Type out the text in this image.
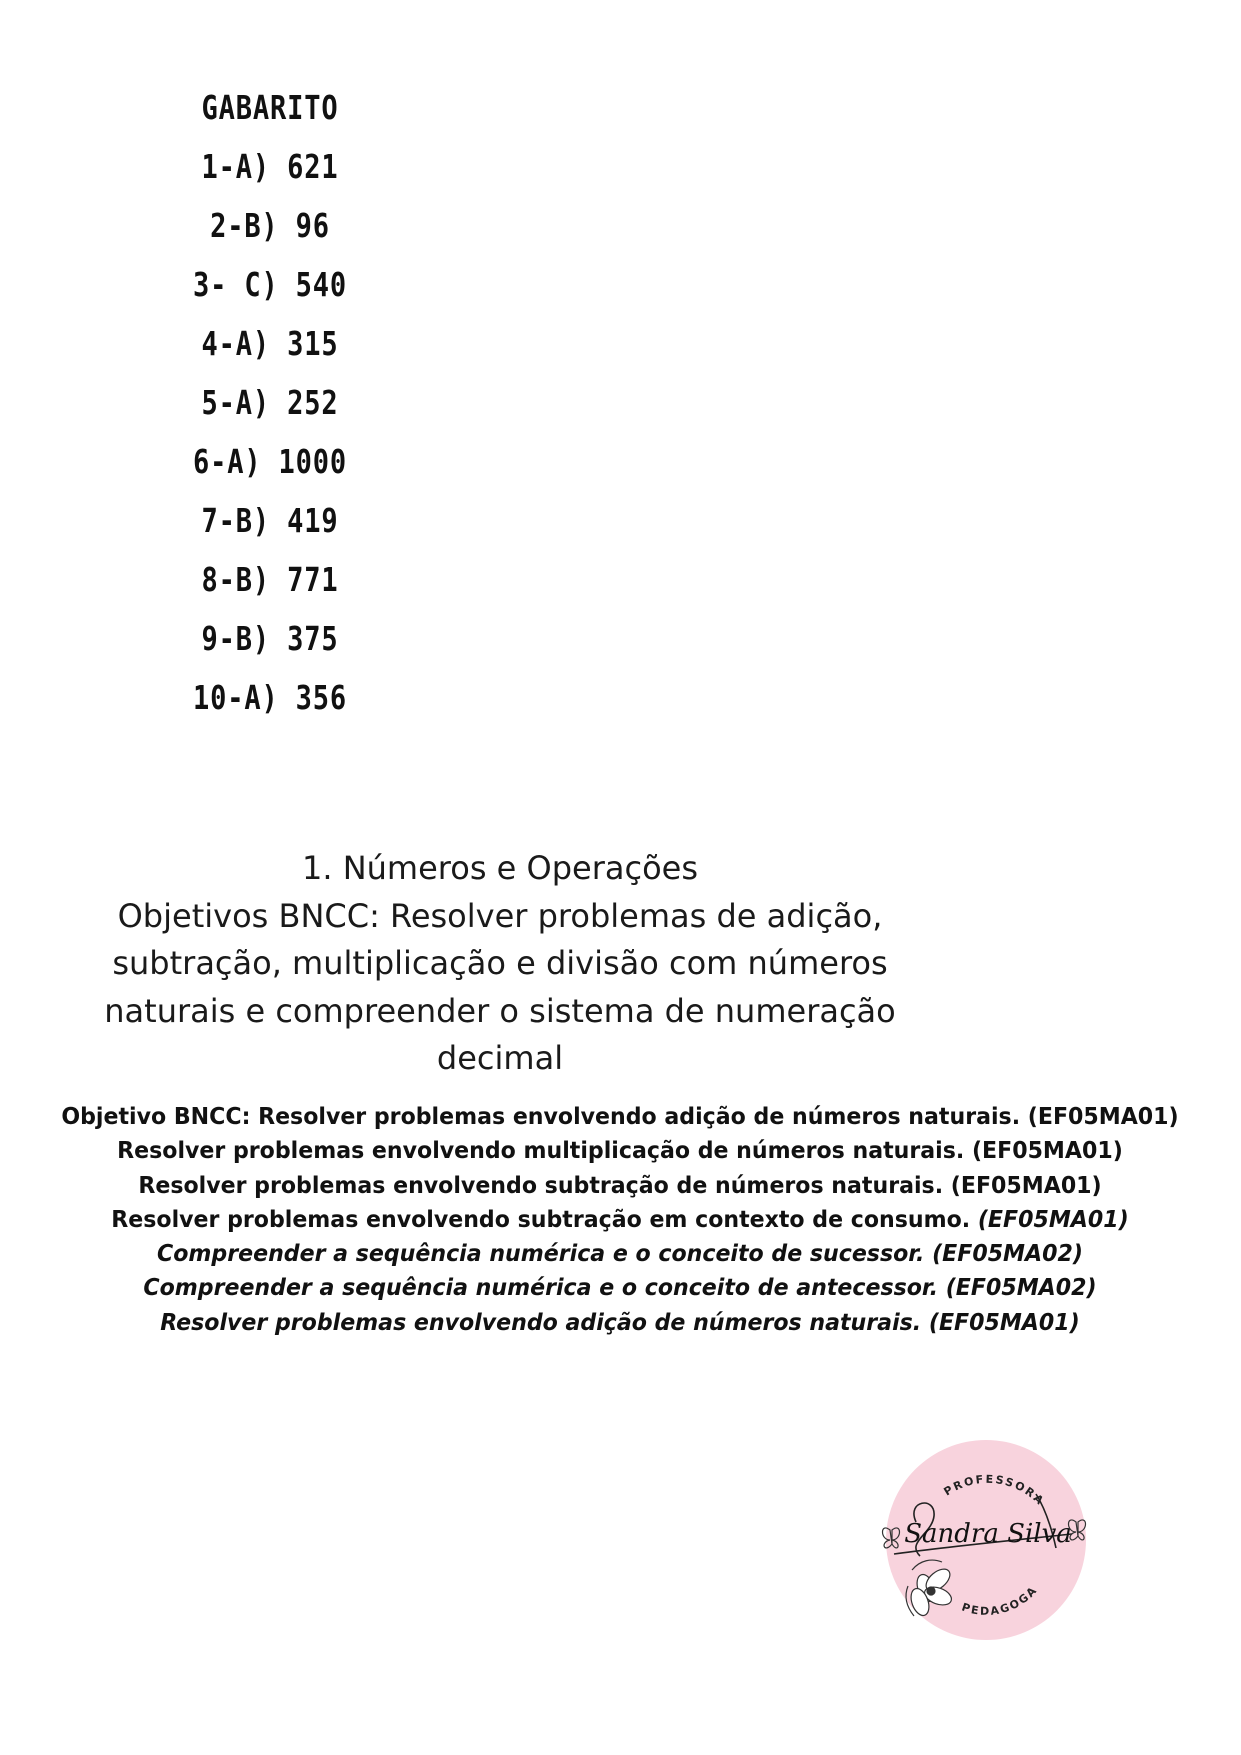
GABARITO
1-A) 621
2-B) 96
3- C) 540
4-A) 315
5-A) 252
6-A) 1000
7-B) 419
8-B) 771
9-B) 375
10-A) 356
1. Números e Operações
Objetivos BNCC: Resolver problemas de adição,
subtração, multiplicação e divisão com números
naturais e compreender o sistema de numeração
decimal
Objetivo BNCC: Resolver problemas envolvendo adição de números naturais. (EF05MA01)
Resolver problemas envolvendo multiplicação de números naturais. (EF05MA01)
Resolver problemas envolvendo subtração de números naturais. (EF05MA01)
Resolver problemas envolvendo subtração em contexto de consumo. (EF05MA01)
Compreender a sequência numérica e o conceito de sucessor. (EF05MA02)
Compreender a sequência numérica e o conceito de antecessor. (EF05MA02)
Resolver problemas envolvendo adição de números naturais. (EF05MA01)
PROFESSORA
PEDAGOGA
Sandra Silva
